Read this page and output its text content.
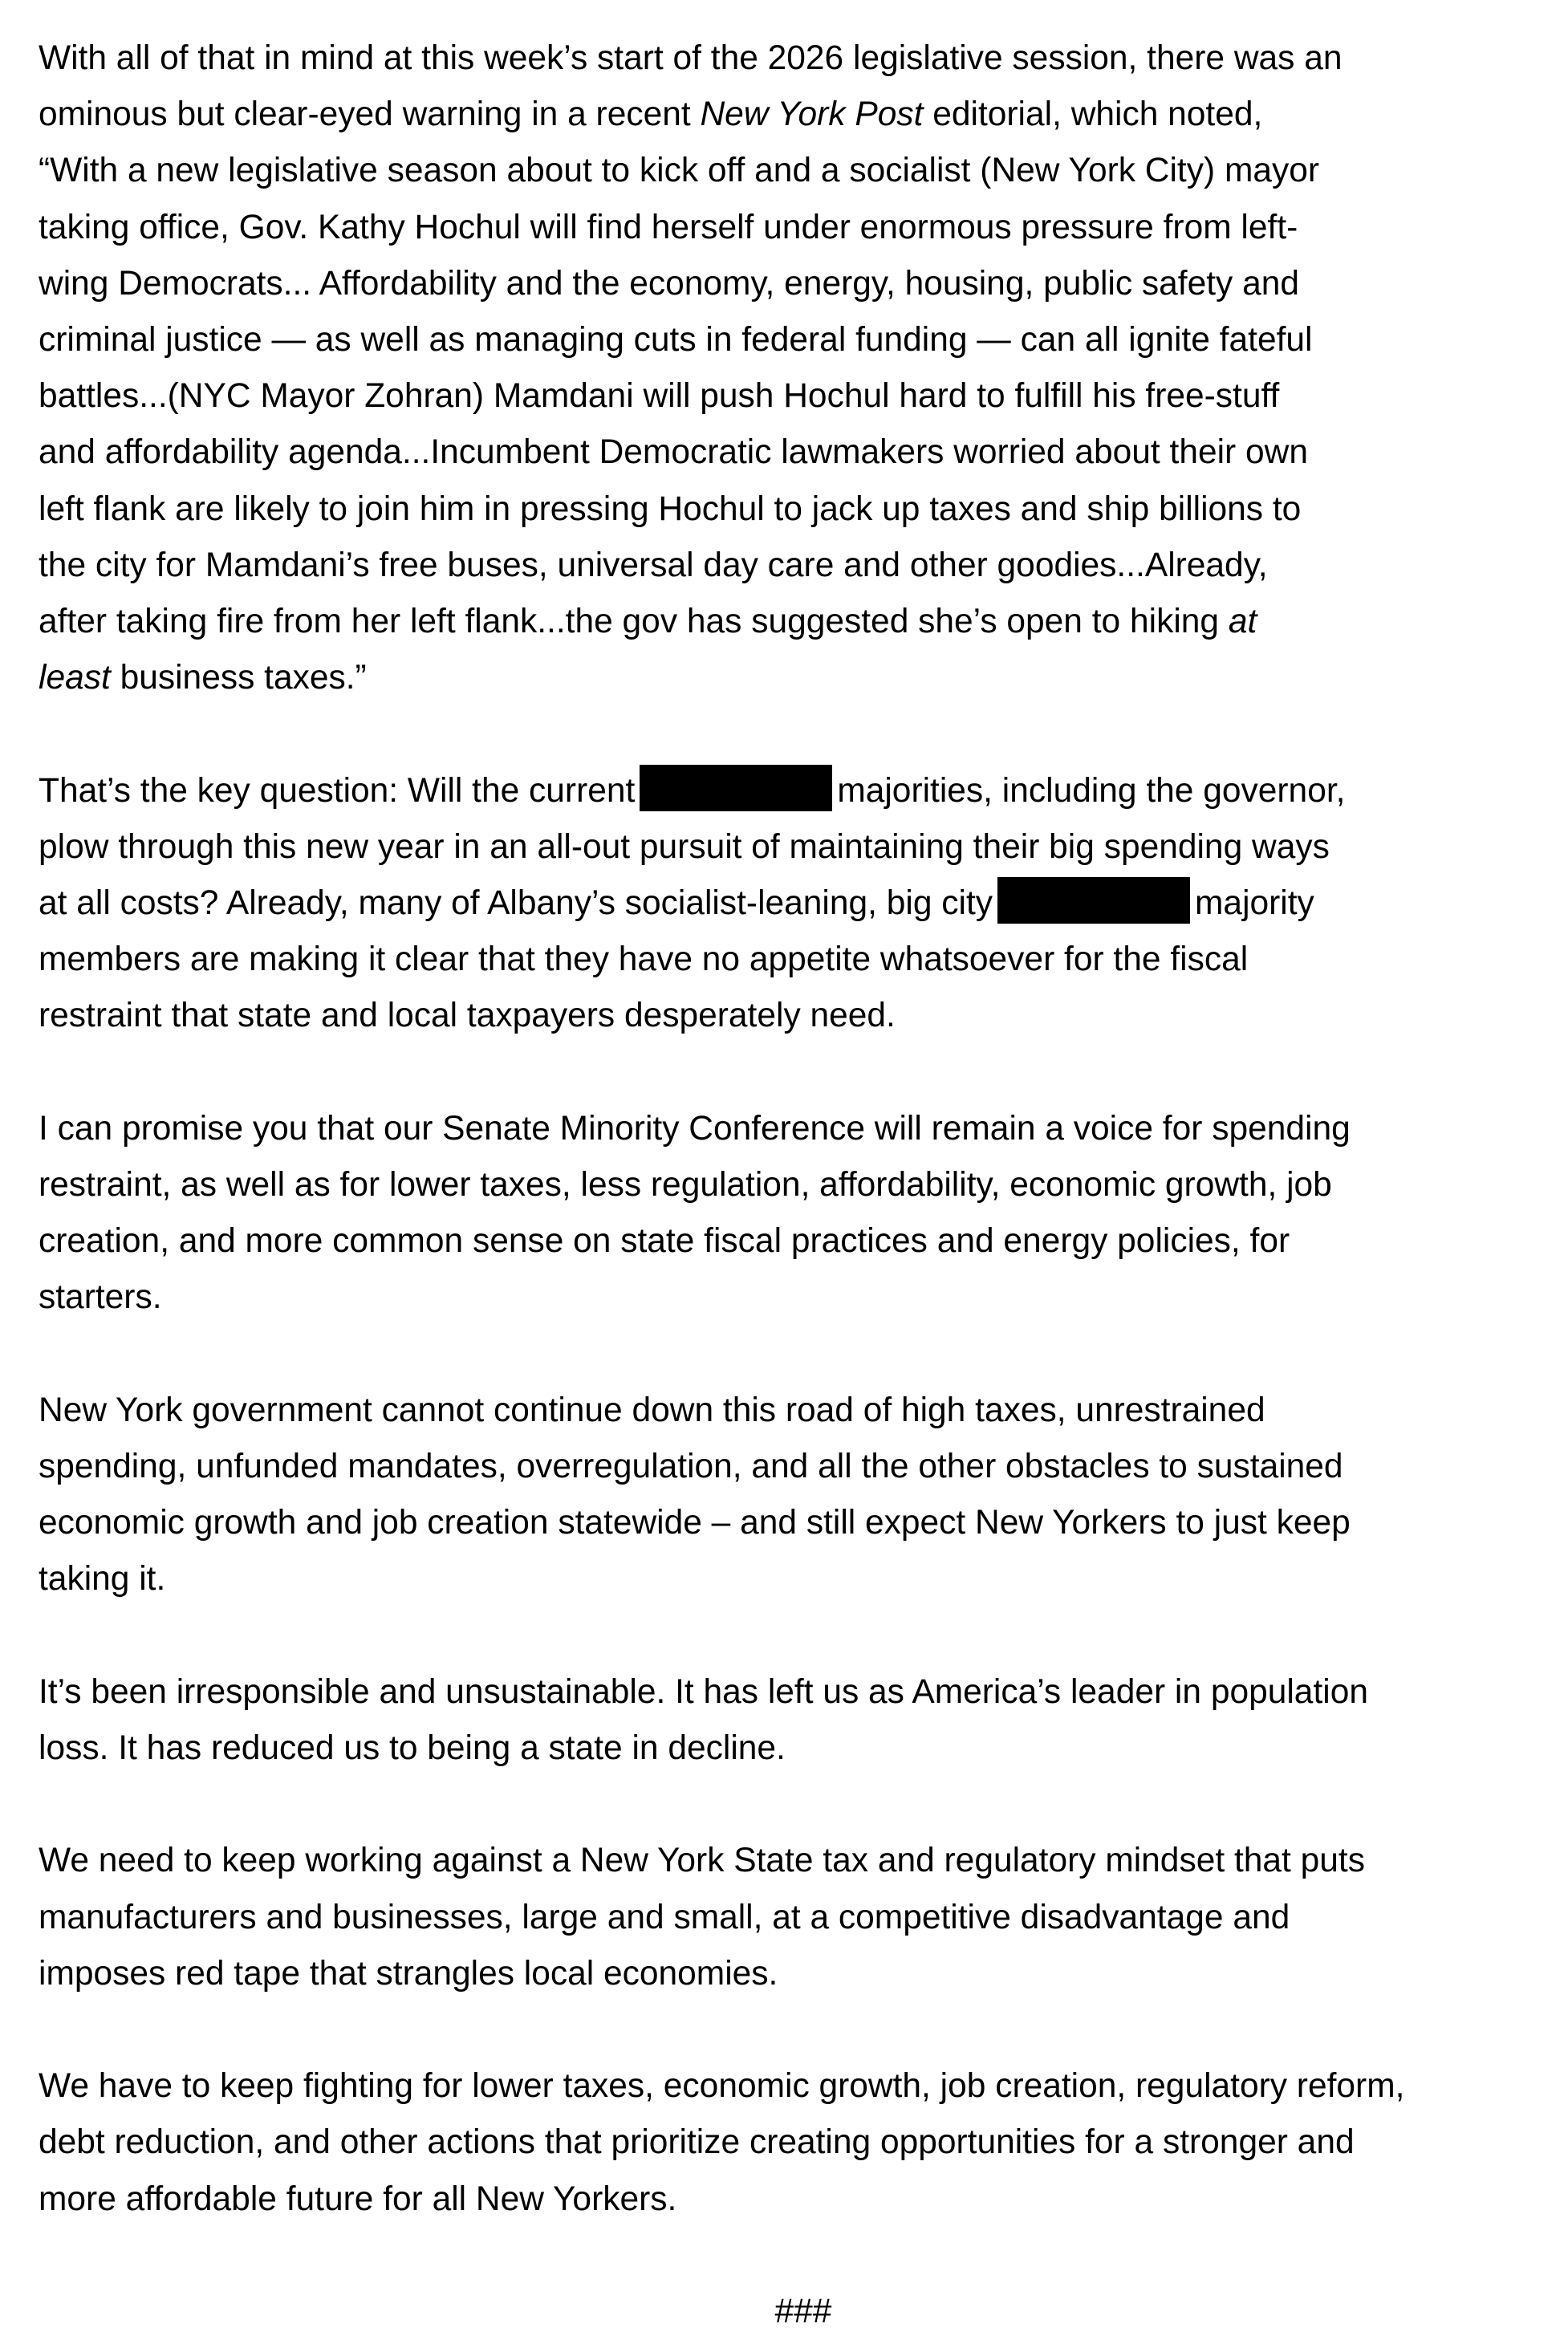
With all of that in mind at this week’s start of the 2026 legislative session, there was an
ominous but clear-eyed warning in a recent New York Post editorial, which noted,
“With a new legislative season about to kick off and a socialist (New York City) mayor
taking office, Gov. Kathy Hochul will find herself under enormous pressure from left-
wing Democrats... Affordability and the economy, energy, housing, public safety and
criminal justice — as well as managing cuts in federal funding — can all ignite fateful
battles...(NYC Mayor Zohran) Mamdani will push Hochul hard to fulfill his free-stuff
and affordability agenda...Incumbent Democratic lawmakers worried about their own
left flank are likely to join him in pressing Hochul to jack up taxes and ship billions to
the city for Mamdani’s free buses, universal day care and other goodies...Already,
after taking fire from her left flank...the gov has suggested she’s open to hiking at
least business taxes.”
That’s the key question: Will the current	majorities, including the governor,
plow through this new year in an all-out pursuit of maintaining their big spending ways
at all costs? Already, many of Albany’s socialist-leaning, big city	majority
members are making it clear that they have no appetite whatsoever for the fiscal
restraint that state and local taxpayers desperately need.
I can promise you that our Senate Minority Conference will remain a voice for spending
restraint, as well as for lower taxes, less regulation, affordability, economic growth, job
creation, and more common sense on state fiscal practices and energy policies, for
starters.
New York government cannot continue down this road of high taxes, unrestrained
spending, unfunded mandates, overregulation, and all the other obstacles to sustained
economic growth and job creation statewide – and still expect New Yorkers to just keep
taking it.
It’s been irresponsible and unsustainable. It has left us as America’s leader in population
loss. It has reduced us to being a state in decline.
We need to keep working against a New York State tax and regulatory mindset that puts
manufacturers and businesses, large and small, at a competitive disadvantage and
imposes red tape that strangles local economies.
We have to keep fighting for lower taxes, economic growth, job creation, regulatory reform,
debt reduction, and other actions that prioritize creating opportunities for a stronger and
more affordable future for all New Yorkers.
###
